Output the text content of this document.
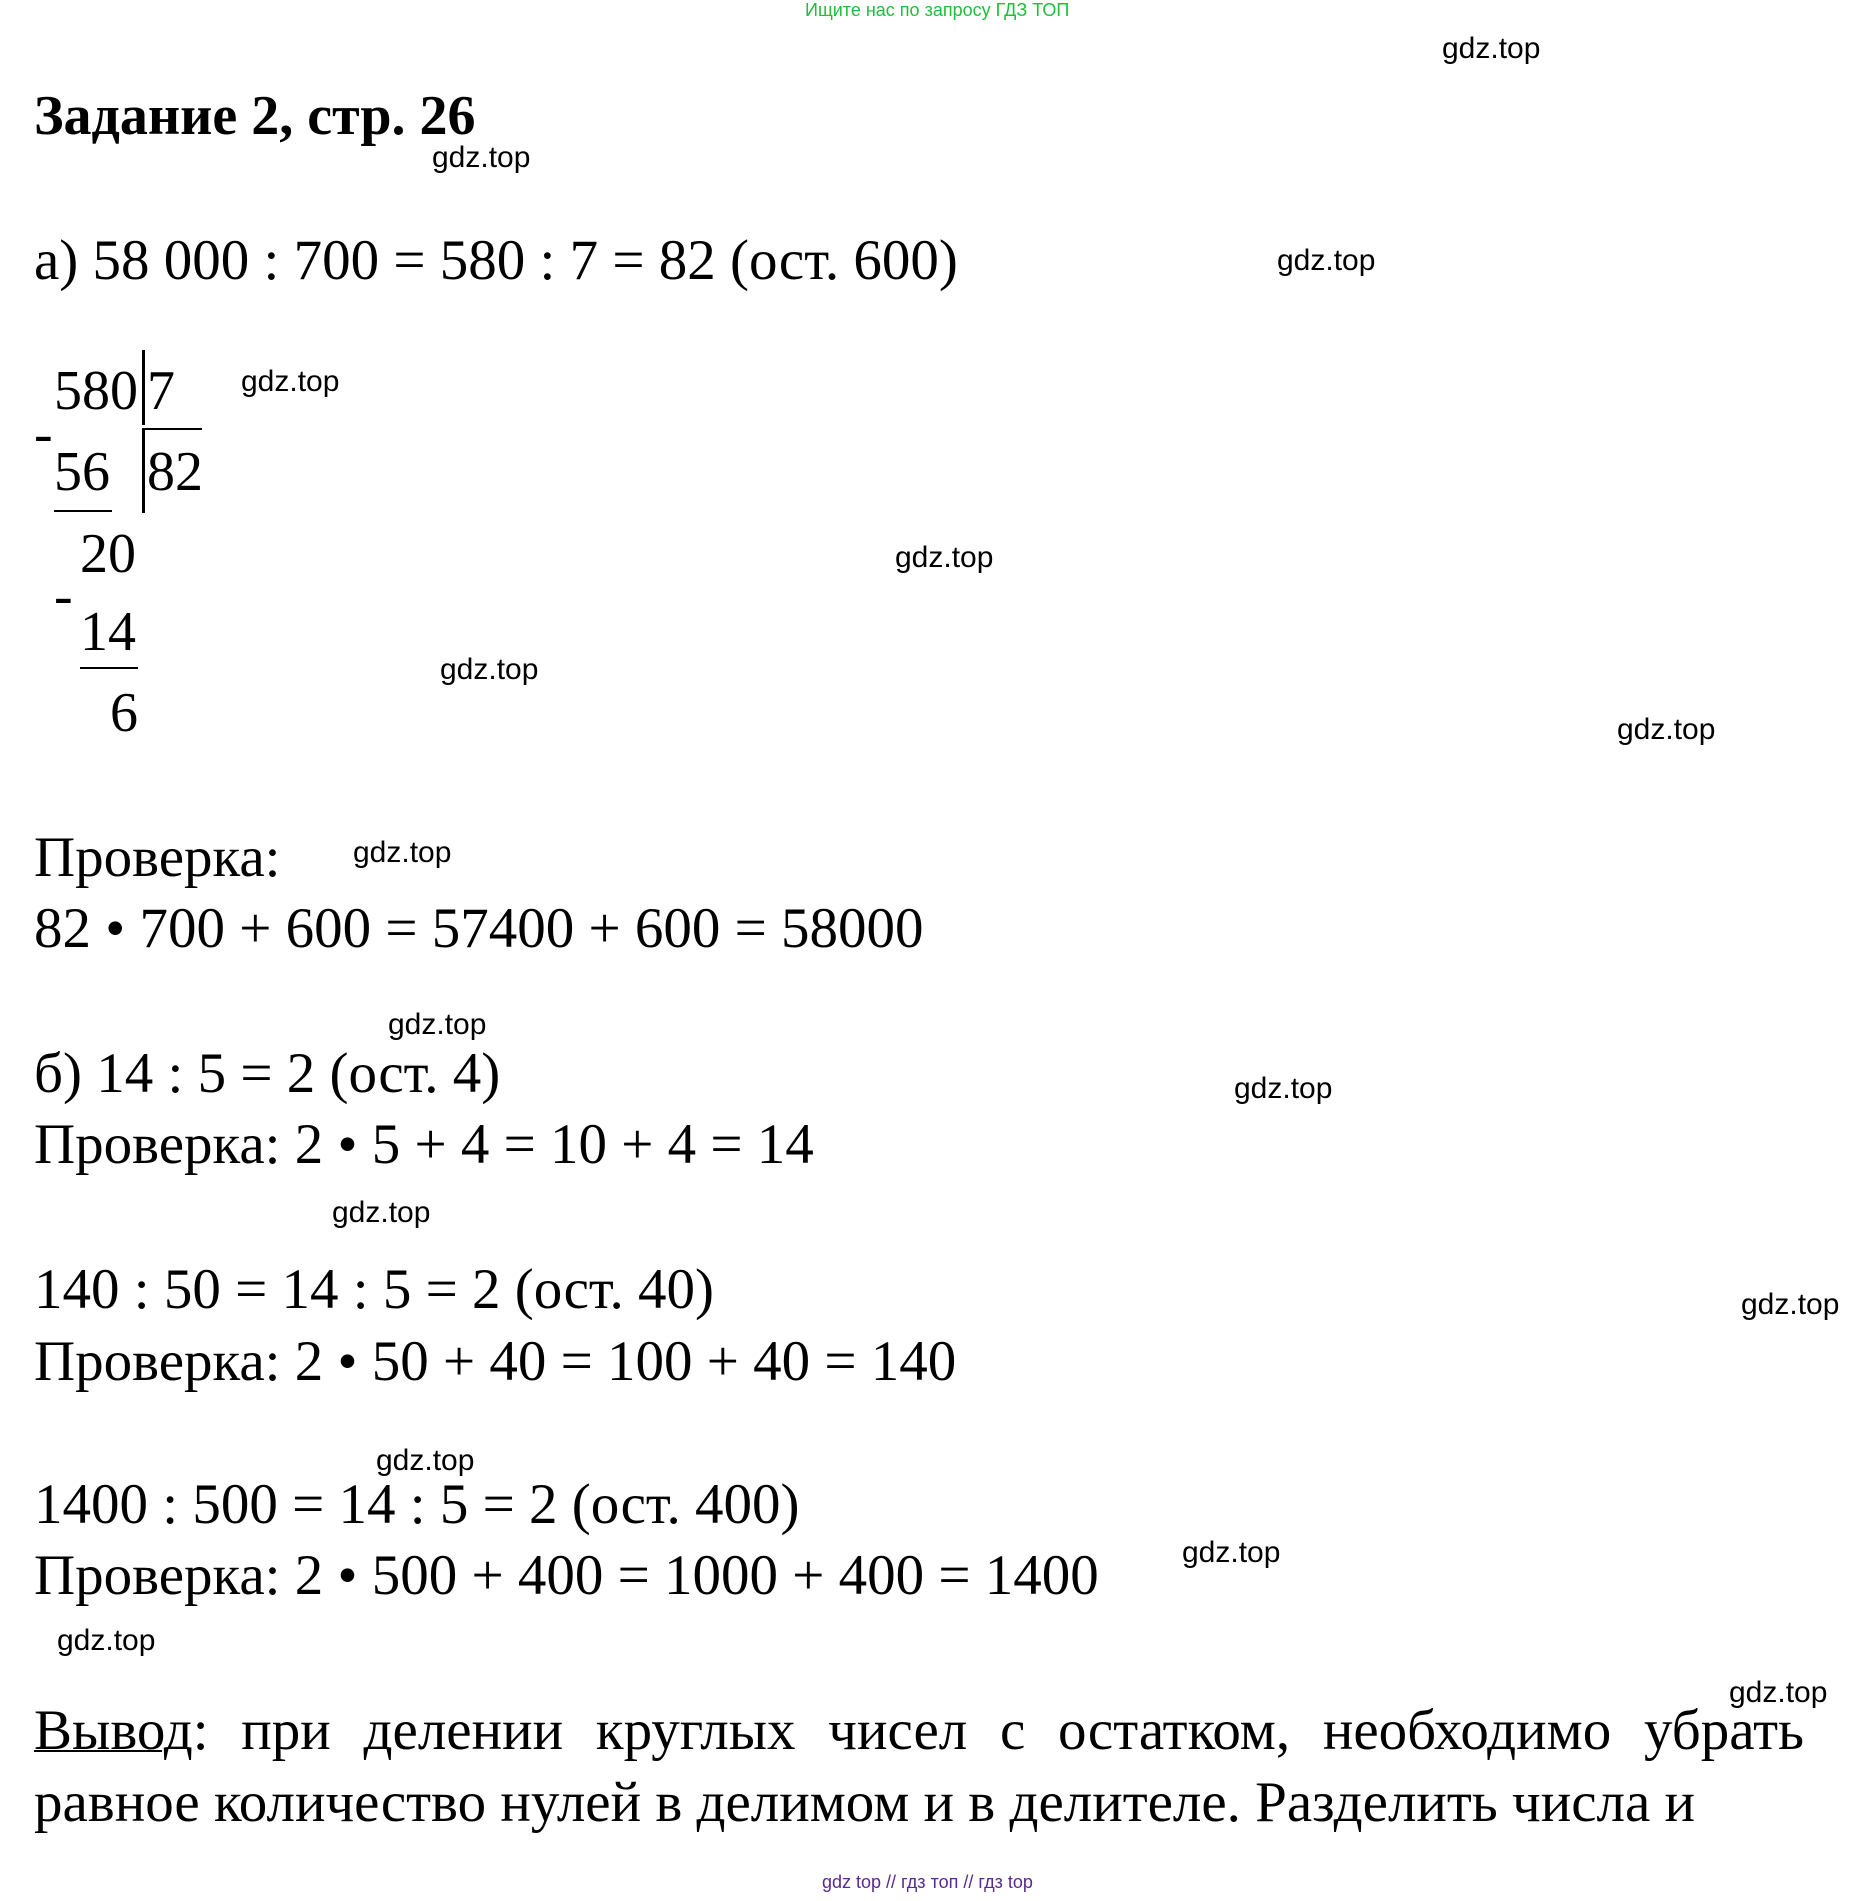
Ищите нас по запросу ГДЗ ТОП
gdz.top
gdz.top
gdz.top
gdz.top
gdz.top
gdz.top
gdz.top
gdz.top
gdz.top
gdz.top
gdz.top
gdz.top
gdz.top
gdz.top
gdz.top
gdz.top
Задание 2, стр. 26
а) 58 000 : 700 = 580 : 7 = 82 (ост. 600)
580 7
82
-
56
20
-
14
6
Проверка:
82 • 700 + 600 = 57400 + 600 = 58000
б) 14 : 5 = 2 (ост. 4)
Проверка: 2 • 5 + 4 = 10 + 4 = 14
140 : 50 = 14 : 5 = 2 (ост. 40)
Проверка: 2 • 50 + 40 = 100 + 40 = 140
1400 : 500 = 14 : 5 = 2 (ост. 400)
Проверка: 2 • 500 + 400 = 1000 + 400 = 1400
Вывод: при делении круглых чисел с остатком, необходимо убрать равное количество нулей в делимом и в делителе. Разделить числа и
gdz top // гдз топ // гдз top
